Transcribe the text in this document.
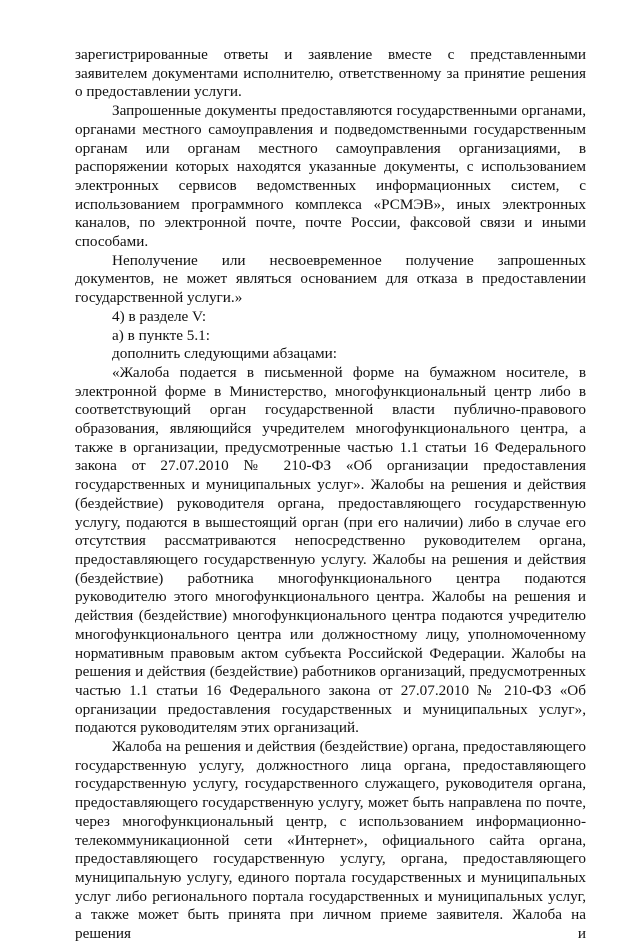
зарегистрированные ответы и заявление вместе с представленными заявителем документами исполнителю, ответственному за принятие решения о предоставлении услуги.

Запрошенные документы предоставляются государственными органами, органами местного самоуправления и подведомственными государственным органам или органам местного самоуправления организациями, в распоряжении которых находятся указанные документы, с использованием электронных сервисов ведомственных информационных систем, с использованием программного комплекса «РСМЭВ», иных электронных каналов, по электронной почте, почте России, факсовой связи и иными способами.

Неполучение или несвоевременное получение запрошенных документов, не может являться основанием для отказа в предоставлении государственной услуги.»

4) в разделе V:

а) в пункте 5.1:

дополнить следующими абзацами:

«Жалоба подается в письменной форме на бумажном носителе, в электронной форме в Министерство, многофункциональный центр либо в соответствующий орган государственной власти публично-правового образования, являющийся учредителем многофункционального центра, а также в организации, предусмотренные частью 1.1 статьи 16 Федерального закона от 27.07.2010 № 210-ФЗ «Об организации предоставления государственных и муниципальных услуг». Жалобы на решения и действия (бездействие) руководителя органа, предоставляющего государственную услугу, подаются в вышестоящий орган (при его наличии) либо в случае его отсутствия рассматриваются непосредственно руководителем органа, предоставляющего государственную услугу. Жалобы на решения и действия (бездействие) работника многофункционального центра подаются руководителю этого многофункционального центра. Жалобы на решения и действия (бездействие) многофункционального центра подаются учредителю многофункционального центра или должностному лицу, уполномоченному нормативным правовым актом субъекта Российской Федерации. Жалобы на решения и действия (бездействие) работников организаций, предусмотренных частью 1.1 статьи 16 Федерального закона от 27.07.2010 № 210-ФЗ «Об организации предоставления государственных и муниципальных услуг», подаются руководителям этих организаций.

Жалоба на решения и действия (бездействие) органа, предоставляющего государственную услугу, должностного лица органа, предоставляющего государственную услугу, государственного служащего, руководителя органа, предоставляющего государственную услугу, может быть направлена по почте, через многофункциональный центр, с использованием информационно-телекоммуникационной сети «Интернет», официального сайта органа, предоставляющего государственную услугу, органа, предоставляющего муниципальную услугу, единого портала государственных и муниципальных услуг либо регионального портала государственных и муниципальных услуг, а также может быть принята при личном приеме заявителя. Жалоба на решения и
